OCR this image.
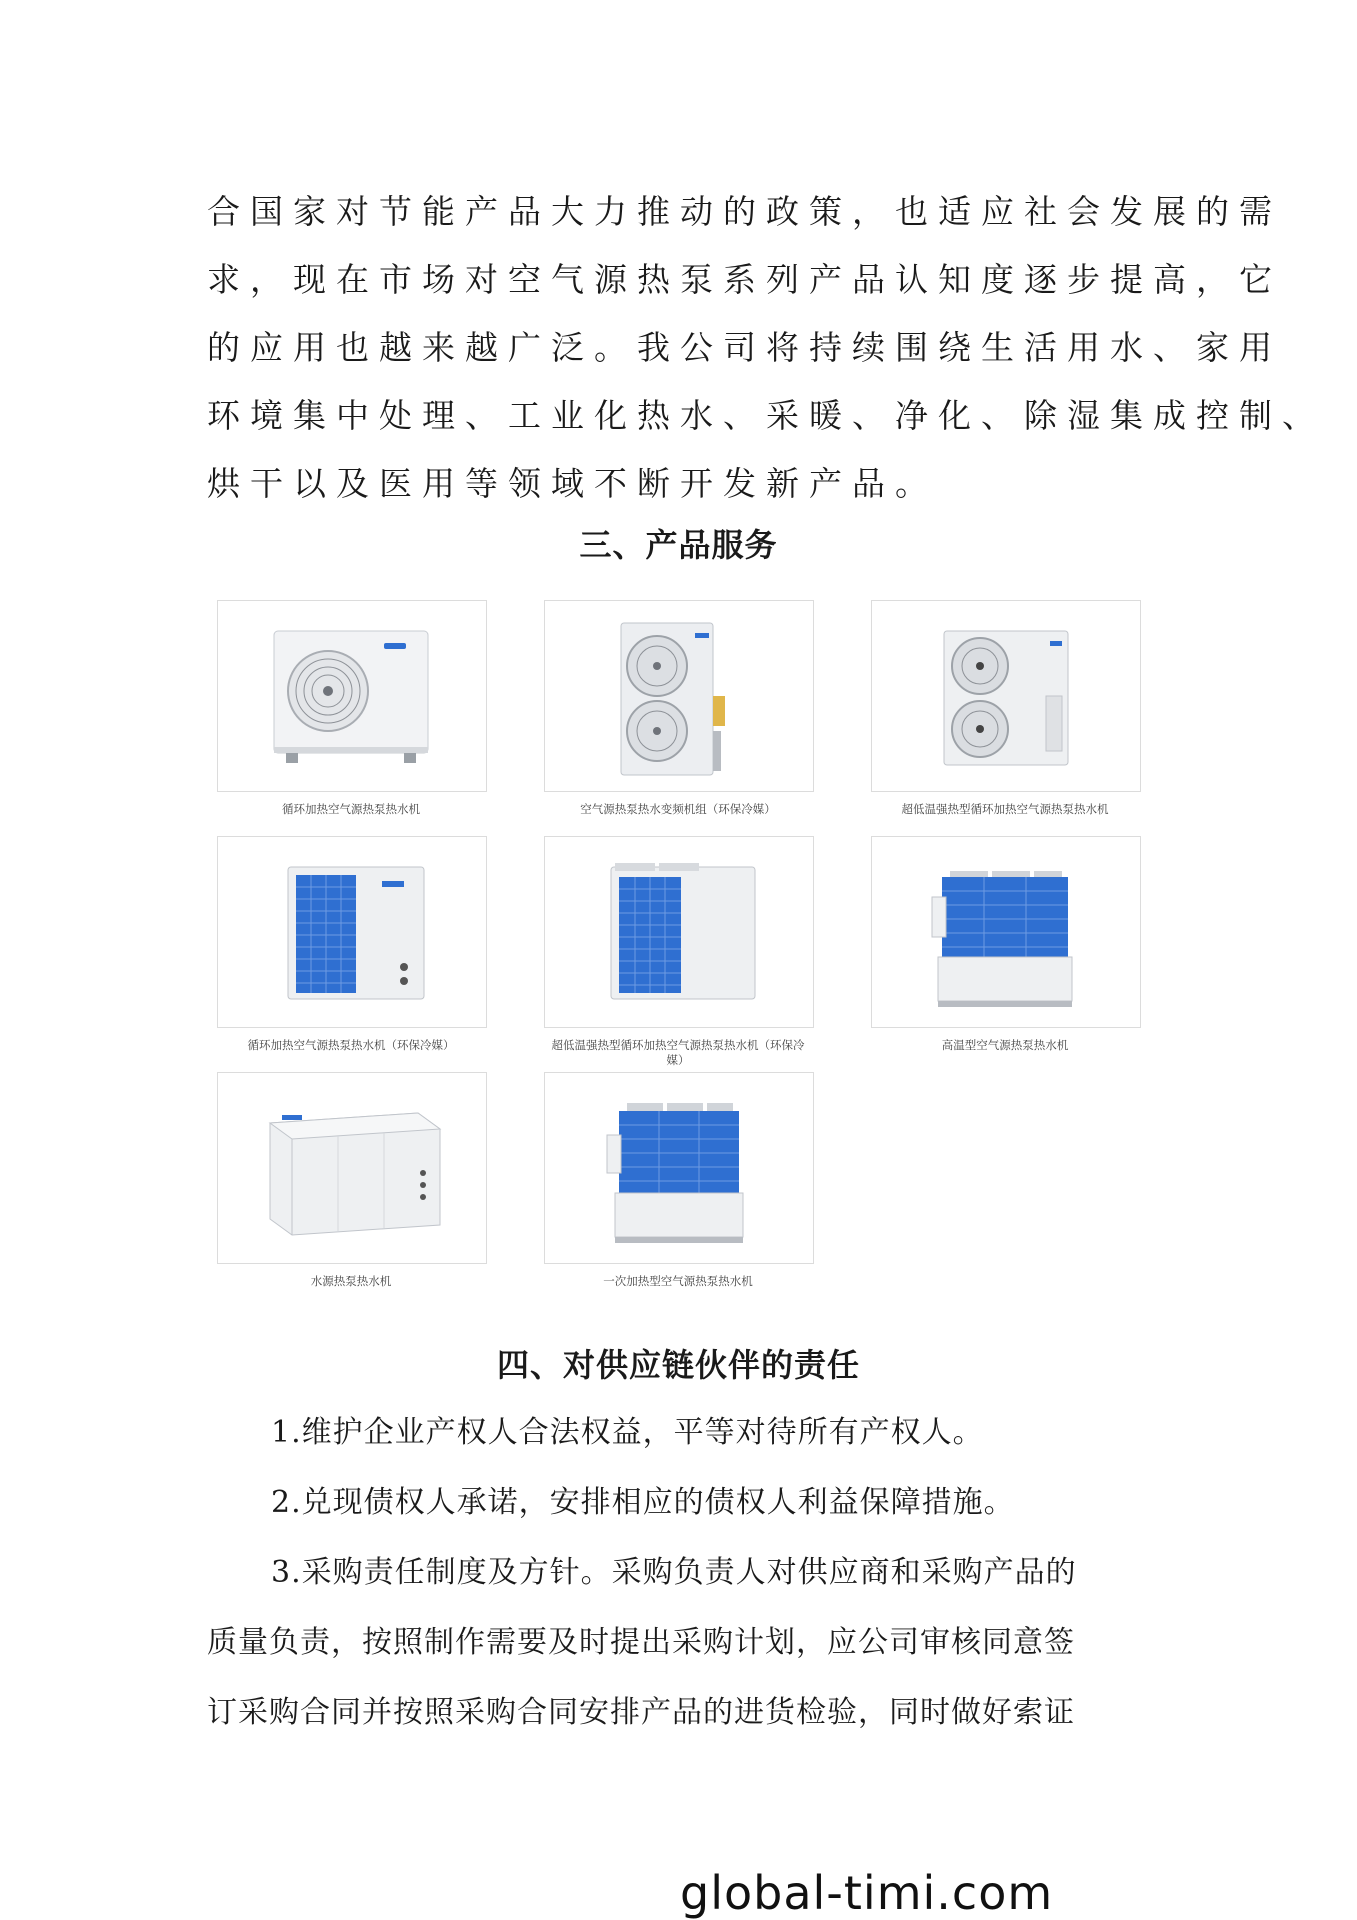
合国家对节能产品大力推动的政策，也适应社会发展的需
求，现在市场对空气源热泵系列产品认知度逐步提高，它
的应用也越来越广泛。我公司将持续围绕生活用水、家用
环境集中处理、工业化热水、采暖、净化、除湿集成控制、
烘干以及医用等领域不断开发新产品。
三、产品服务
循环加热空气源热泵热水机	空气源热泵热水变频机组（环保冷媒）	超低温强热型循环加热空气源热泵热水机
循环加热空气源热泵热水机（环保冷媒）	超低温强热型循环加热空气源热泵热水机（环保冷媒）
高温型空气源热泵热水机
水源热泵热水机	一次加热型空气源热泵热水机
四、对供应链伙伴的责任
1.维护企业产权人合法权益，平等对待所有产权人。
2.兑现债权人承诺，安排相应的债权人利益保障措施。
3.采购责任制度及方针。采购负责人对供应商和采购产品的
质量负责，按照制作需要及时提出采购计划，应公司审核同意签
订采购合同并按照采购合同安排产品的进货检验，同时做好索证
global-timi.com
